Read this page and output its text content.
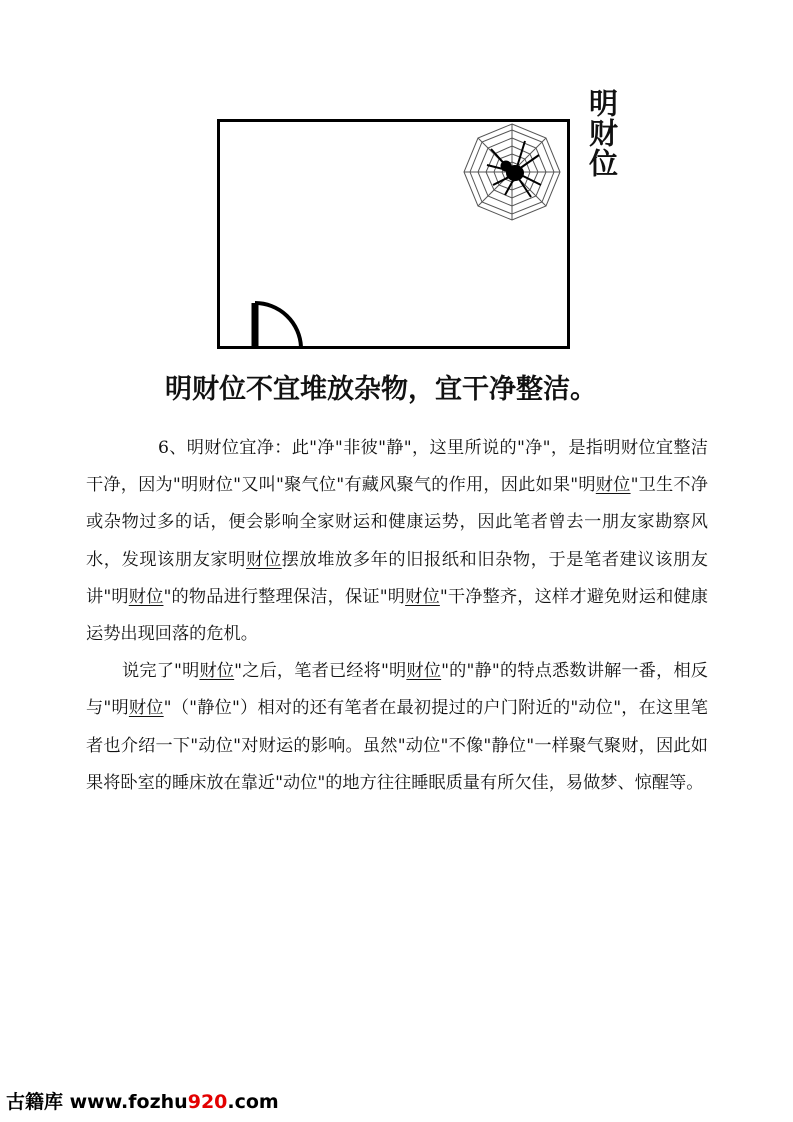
明财位
明财位不宜堆放杂物，宜干净整洁。

6、明财位宜净：此"净"非彼"静"，这里所说的"净"，是指明财位宜整洁干净，因为"明财位"又叫"聚气位"有藏风聚气的作用，因此如果"明财位"卫生不净或杂物过多的话，便会影响全家财运和健康运势，因此笔者曾去一朋友家勘察风水，发现该朋友家明财位摆放堆放多年的旧报纸和旧杂物，于是笔者建议该朋友讲"明财位"的物品进行整理保洁，保证"明财位"干净整齐，这样才避免财运和健康运势出现回落的危机。

说完了"明财位"之后，笔者已经将"明财位"的"静"的特点悉数讲解一番，相反与"明财位"（"静位"）相对的还有笔者在最初提过的户门附近的"动位"，在这里笔者也介绍一下"动位"对财运的影响。虽然"动位"不像"静位"一样聚气聚财，因此如果将卧室的睡床放在靠近"动位"的地方往往睡眠质量有所欠佳，易做梦、惊醒等。

古籍库 www.fozhu920.com
